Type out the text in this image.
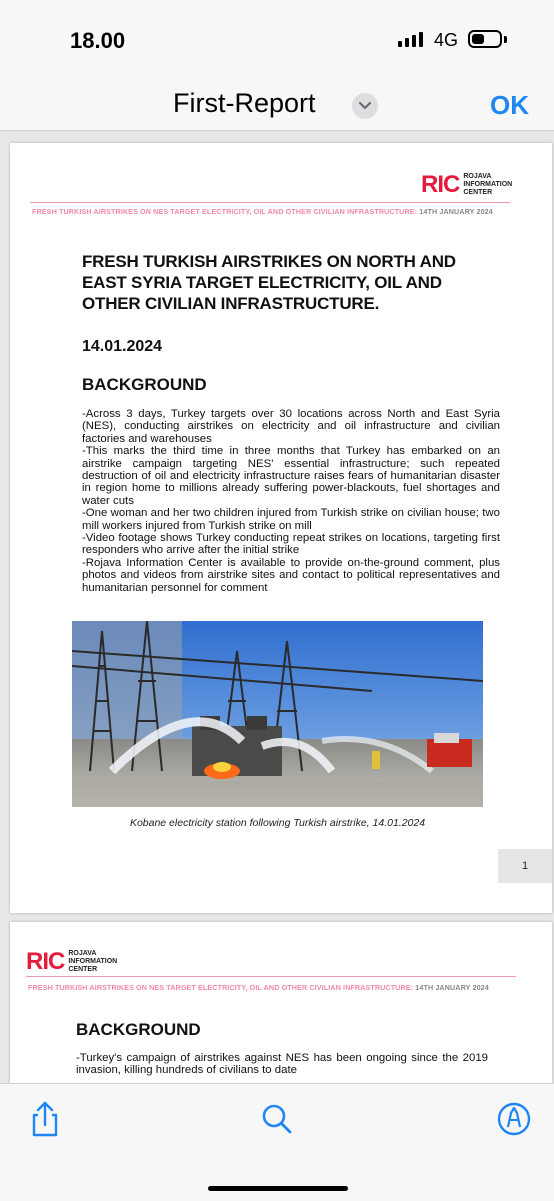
18.00	4G
First-Report	OK
RIC ROJAVA
INFORMATION
CENTER
FRESH TURKISH AIRSTRIKES ON NES TARGET ELECTRICITY, OIL AND OTHER CIVILIAN INFRASTRUCTURE: 14TH JANUARY 2024
FRESH TURKISH AIRSTRIKES ON NORTH AND EAST SYRIA TARGET ELECTRICITY, OIL AND OTHER CIVILIAN INFRASTRUCTURE.
14.01.2024
BACKGROUND

-Across 3 days, Turkey targets over 30 locations across North and East Syria (NES), conducting airstrikes on electricity and oil infrastructure and civilian factories and warehouses

-This marks the third time in three months that Turkey has embarked on an airstrike campaign targeting NES' essential infrastructure; such repeated destruction of oil and electricity infrastructure raises fears of humanitarian disaster in region home to millions already suffering power-blackouts, fuel shortages and water cuts

-One woman and her two children injured from Turkish strike on civilian house; two mill workers injured from Turkish strike on mill

-Video footage shows Turkey conducting repeat strikes on locations, targeting first responders who arrive after the initial strike

-Rojava Information Center is available to provide on-the-ground comment, plus photos and videos from airstrike sites and contact to political representatives and humanitarian personnel for comment

Kobane electricity station following Turkish airstrike, 14.01.2024
1
RIC ROJAVA
INFORMATION
CENTER
FRESH TURKISH AIRSTRIKES ON NES TARGET ELECTRICITY, OIL AND OTHER CIVILIAN INFRASTRUCTURE: 14TH JANUARY 2024
BACKGROUND

-Turkey's campaign of airstrikes against NES has been ongoing since the 2019 invasion, killing hundreds of civilians to date
